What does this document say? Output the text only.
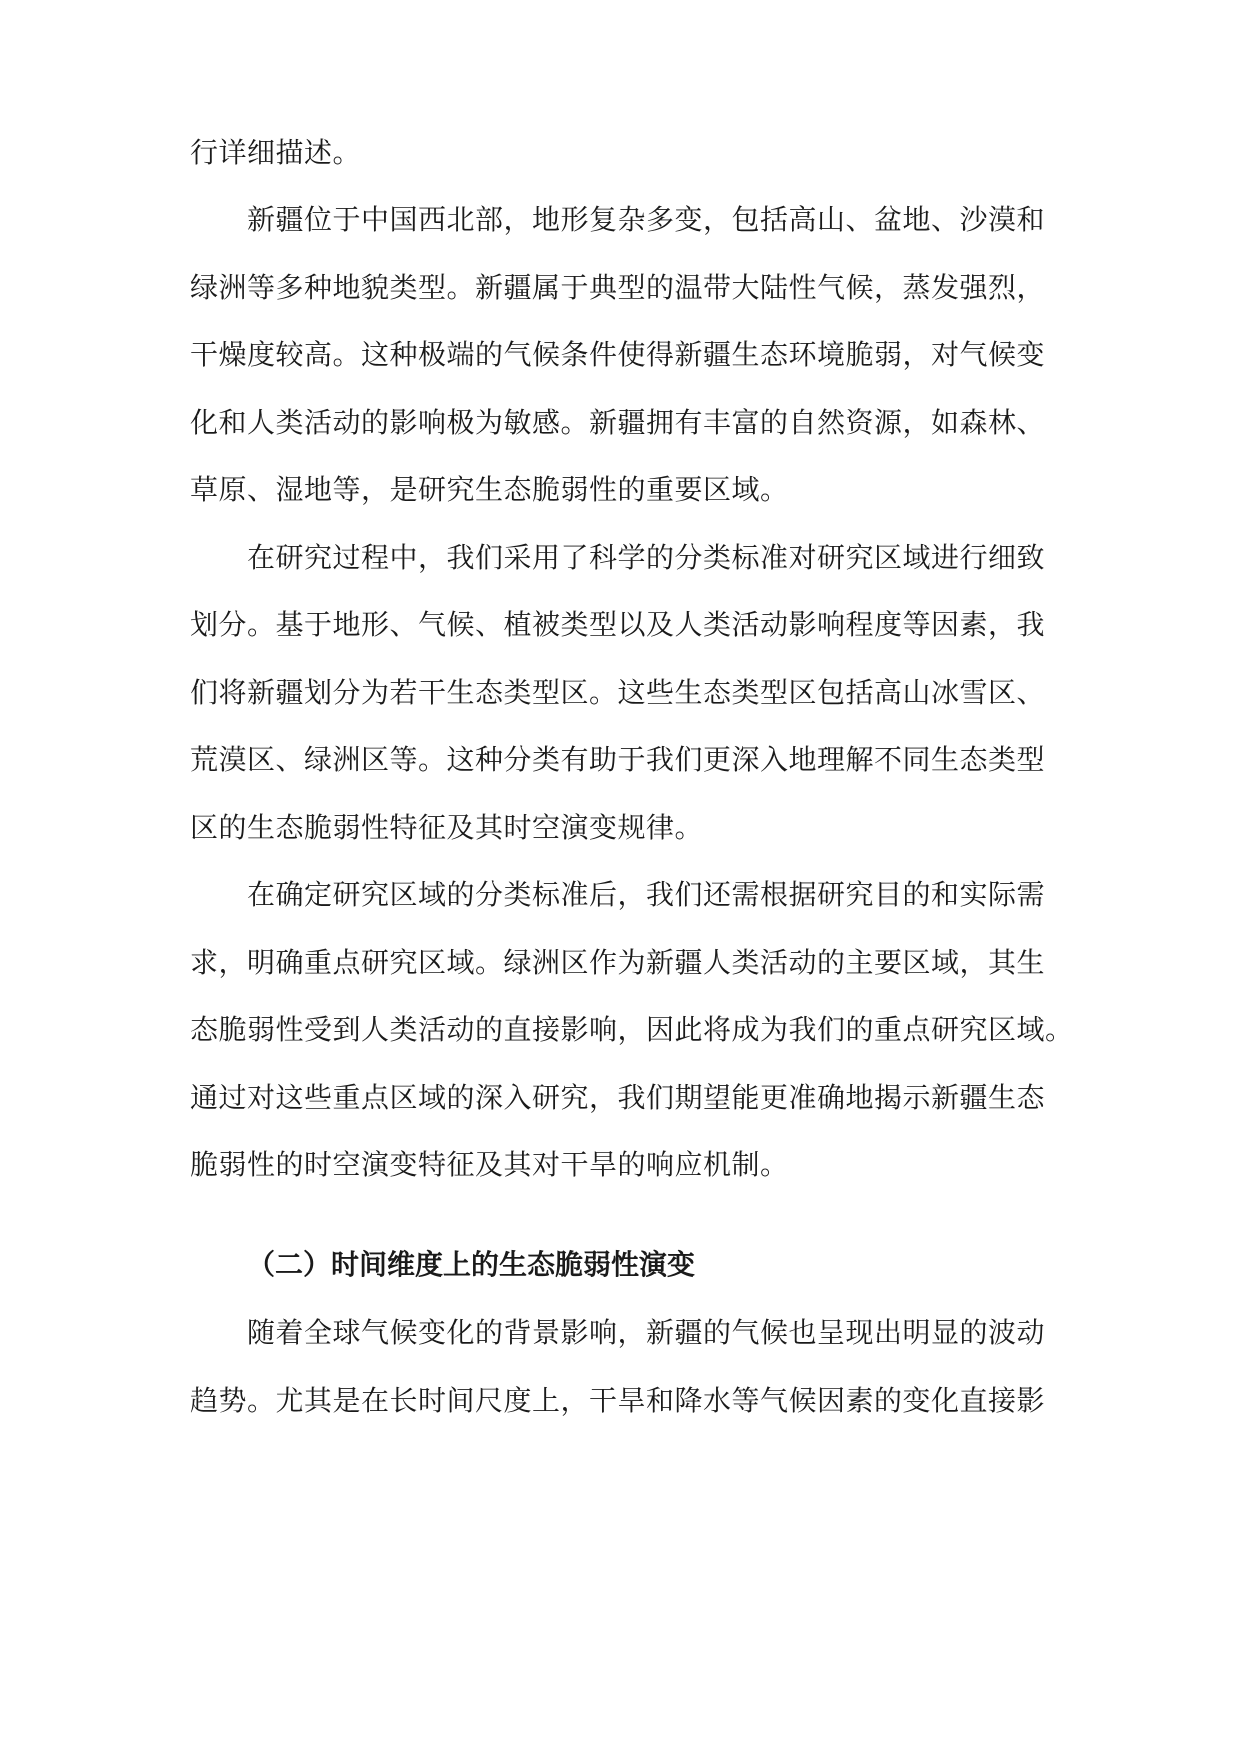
行详细描述。
新疆位于中国西北部，地形复杂多变，包括高山、盆地、沙漠和
绿洲等多种地貌类型。新疆属于典型的温带大陆性气候，蒸发强烈，
干燥度较高。这种极端的气候条件使得新疆生态环境脆弱，对气候变
化和人类活动的影响极为敏感。新疆拥有丰富的自然资源，如森林、
草原、湿地等，是研究生态脆弱性的重要区域。
在研究过程中，我们采用了科学的分类标准对研究区域进行细致
划分。基于地形、气候、植被类型以及人类活动影响程度等因素，我
们将新疆划分为若干生态类型区。这些生态类型区包括高山冰雪区、
荒漠区、绿洲区等。这种分类有助于我们更深入地理解不同生态类型
区的生态脆弱性特征及其时空演变规律。
在确定研究区域的分类标准后，我们还需根据研究目的和实际需
求，明确重点研究区域。绿洲区作为新疆人类活动的主要区域，其生
态脆弱性受到人类活动的直接影响，因此将成为我们的重点研究区域。
通过对这些重点区域的深入研究，我们期望能更准确地揭示新疆生态
脆弱性的时空演变特征及其对干旱的响应机制。
（二）时间维度上的生态脆弱性演变
随着全球气候变化的背景影响，新疆的气候也呈现出明显的波动
趋势。尤其是在长时间尺度上，干旱和降水等气候因素的变化直接影
